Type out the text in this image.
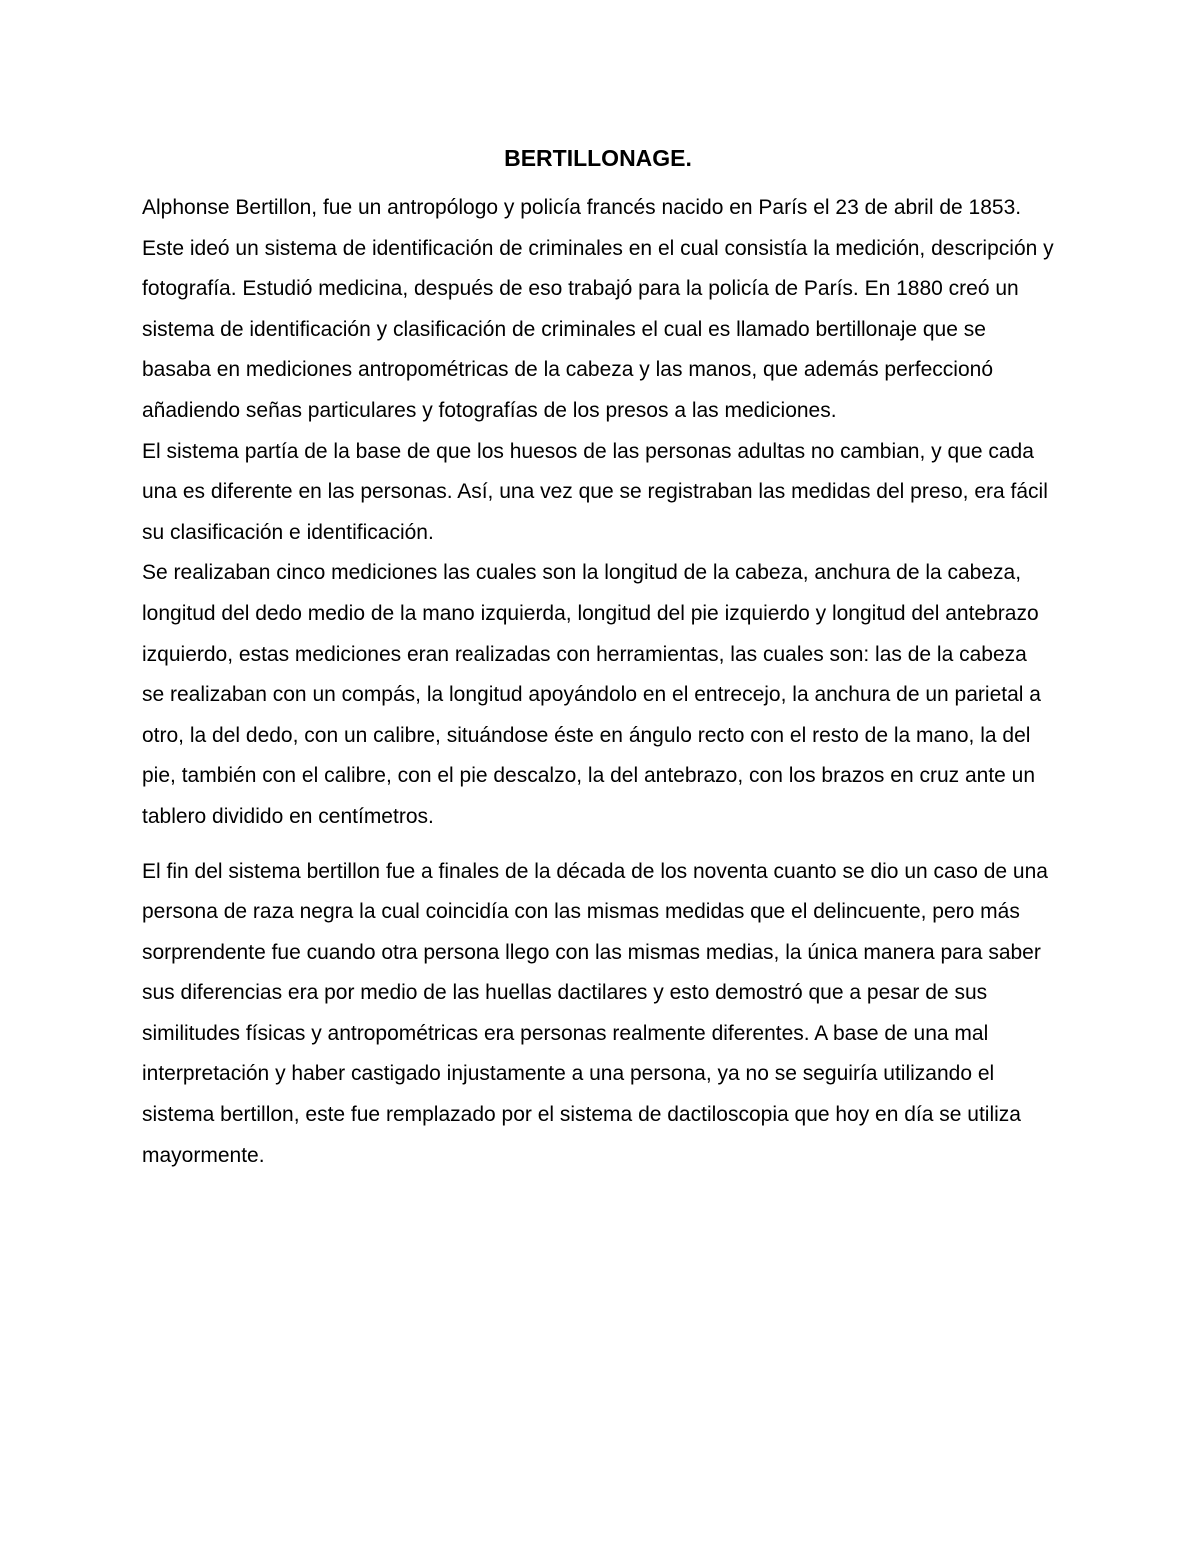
BERTILLONAGE.

Alphonse Bertillon, fue un antropólogo y policía francés nacido en París el 23 de abril de 1853. Este ideó un sistema de identificación de criminales en el cual consistía la medición, descripción y fotografía. Estudió medicina, después de eso trabajó para la policía de París. En 1880 creó un sistema de identificación y clasificación de criminales el cual es llamado bertillonaje que se basaba en mediciones antropométricas de la cabeza y las manos, que además perfeccionó añadiendo señas particulares y fotografías de los presos a las mediciones.

El sistema partía de la base de que los huesos de las personas adultas no cambian, y que cada una es diferente en las personas. Así, una vez que se registraban las medidas del preso, era fácil su clasificación e identificación.

Se realizaban cinco mediciones las cuales son la longitud de la cabeza, anchura de la cabeza, longitud del dedo medio de la mano izquierda, longitud del pie izquierdo y longitud del antebrazo izquierdo, estas mediciones eran realizadas con herramientas, las cuales son: las de la cabeza se realizaban con un compás, la longitud apoyándolo en el entrecejo, la anchura de un parietal a otro, la del dedo, con un calibre, situándose éste en ángulo recto con el resto de la mano, la del pie, también con el calibre, con el pie descalzo, la del antebrazo, con los brazos en cruz ante un tablero dividido en centímetros.

El fin del sistema bertillon fue a finales de la década de los noventa cuanto se dio un caso de una persona de raza negra la cual coincidía con las mismas medidas que el delincuente, pero más sorprendente fue cuando otra persona llego con las mismas medias, la única manera para saber sus diferencias era por medio de las huellas dactilares y esto demostró que a pesar de sus similitudes físicas y antropométricas era personas realmente diferentes. A base de una mal interpretación y haber castigado injustamente a una persona, ya no se seguiría utilizando el sistema bertillon, este fue remplazado por el sistema de dactiloscopia que hoy en día se utiliza mayormente.
